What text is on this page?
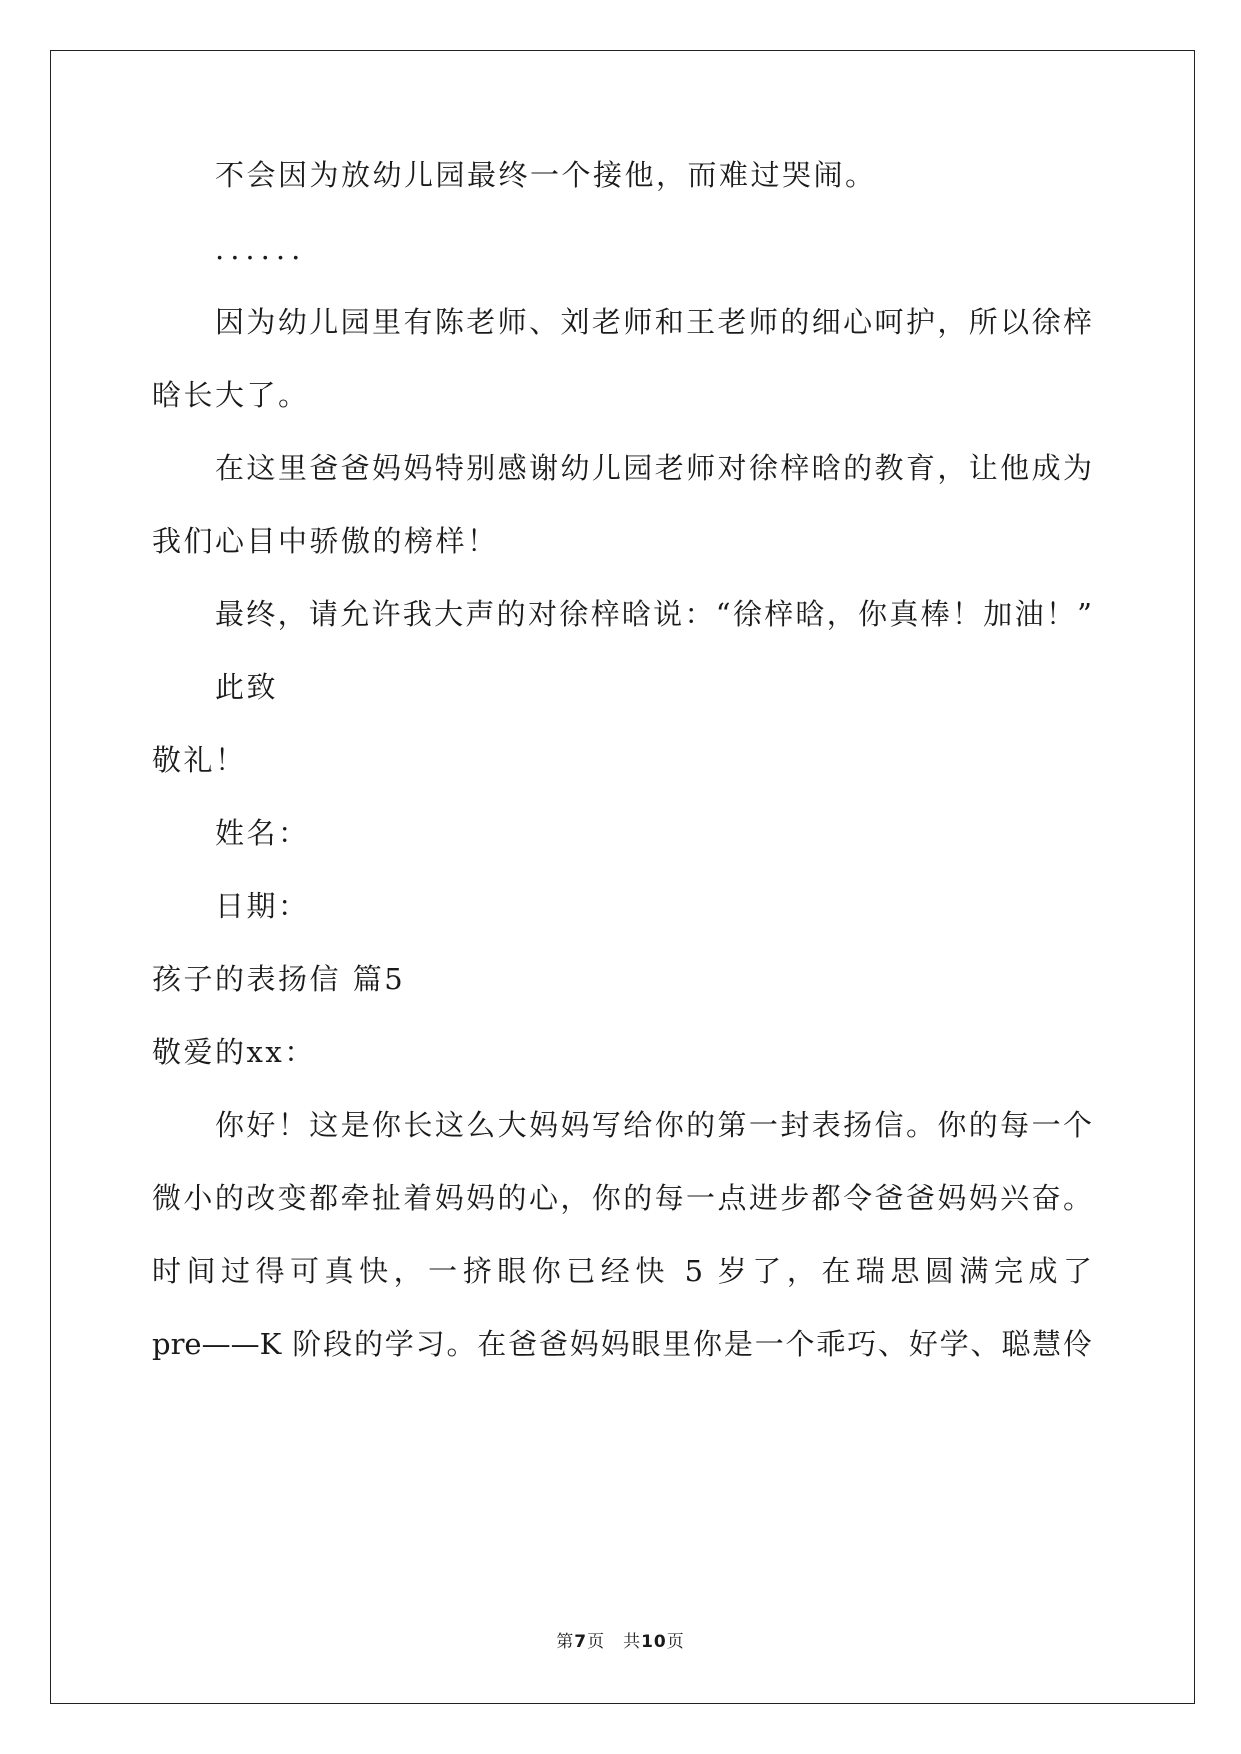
不会因为放幼儿园最终一个接他，而难过哭闹。
......
因为幼儿园里有陈老师、刘老师和王老师的细心呵护，所以徐梓
晗长大了。
在这里爸爸妈妈特别感谢幼儿园老师对徐梓晗的教育，让他成为
我们心目中骄傲的榜样！
最终，请允许我大声的对徐梓晗说：“徐梓晗，你真棒！加油！”
此致
敬礼！
姓名：
日期：
孩子的表扬信 篇5
敬爱的xx：
你好！这是你长这么大妈妈写给你的第一封表扬信。你的每一个
微小的改变都牵扯着妈妈的心，你的每一点进步都令爸爸妈妈兴奋。
时间过得可真快，一挤眼你已经快 5 岁了，在瑞思圆满完成了
pre——K 阶段的学习。在爸爸妈妈眼里你是一个乖巧、好学、聪慧伶
第7页　共10页
